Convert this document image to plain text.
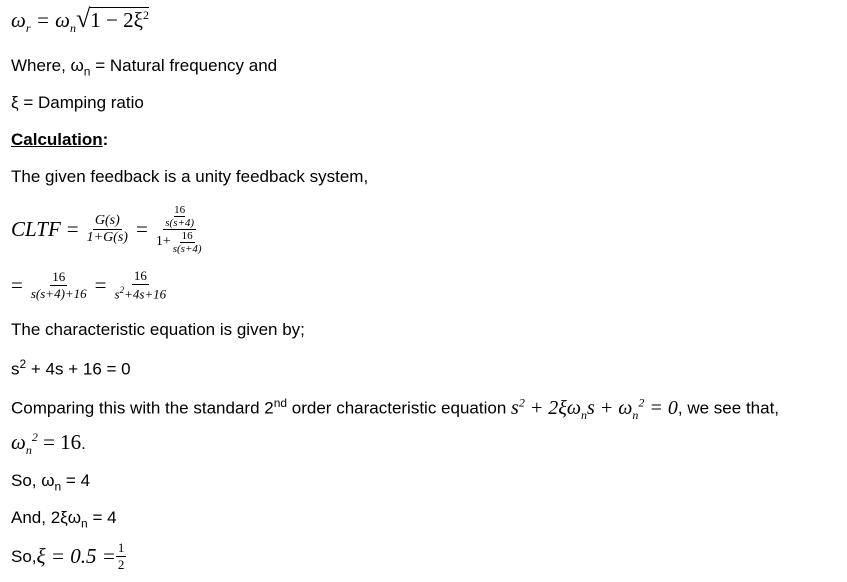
$\omega_r = \omega_n√1 - 2\xi^2$
Where, $\omega_n$ = Natural frequency and
ξ = Damping ratio
Calculation:
The given feedback is a unity feedback system,
CLTF = $\frac{G(s)}{1+G(s)} = 16$
s(s+4)
$1+ \frac{16}{s(s+4)}$
= $\frac{16}{s(s+4)+16} = \frac{16}{s^2+4s+16}$
The characteristic equation is given by;
$s^2 + 4s + 16 = 0$
Comparing this with the standard 2nd order characteristic equation $s^2 + 2\xi\omega_ns + \omega_n^2 = 0$, we see that,
$\omega_n^2 = 16$.
So, $\omega_n = 4$
And, $2\xi\omega_n = 4$
So, $\xi = 0.5 = \frac{1}{2}$
